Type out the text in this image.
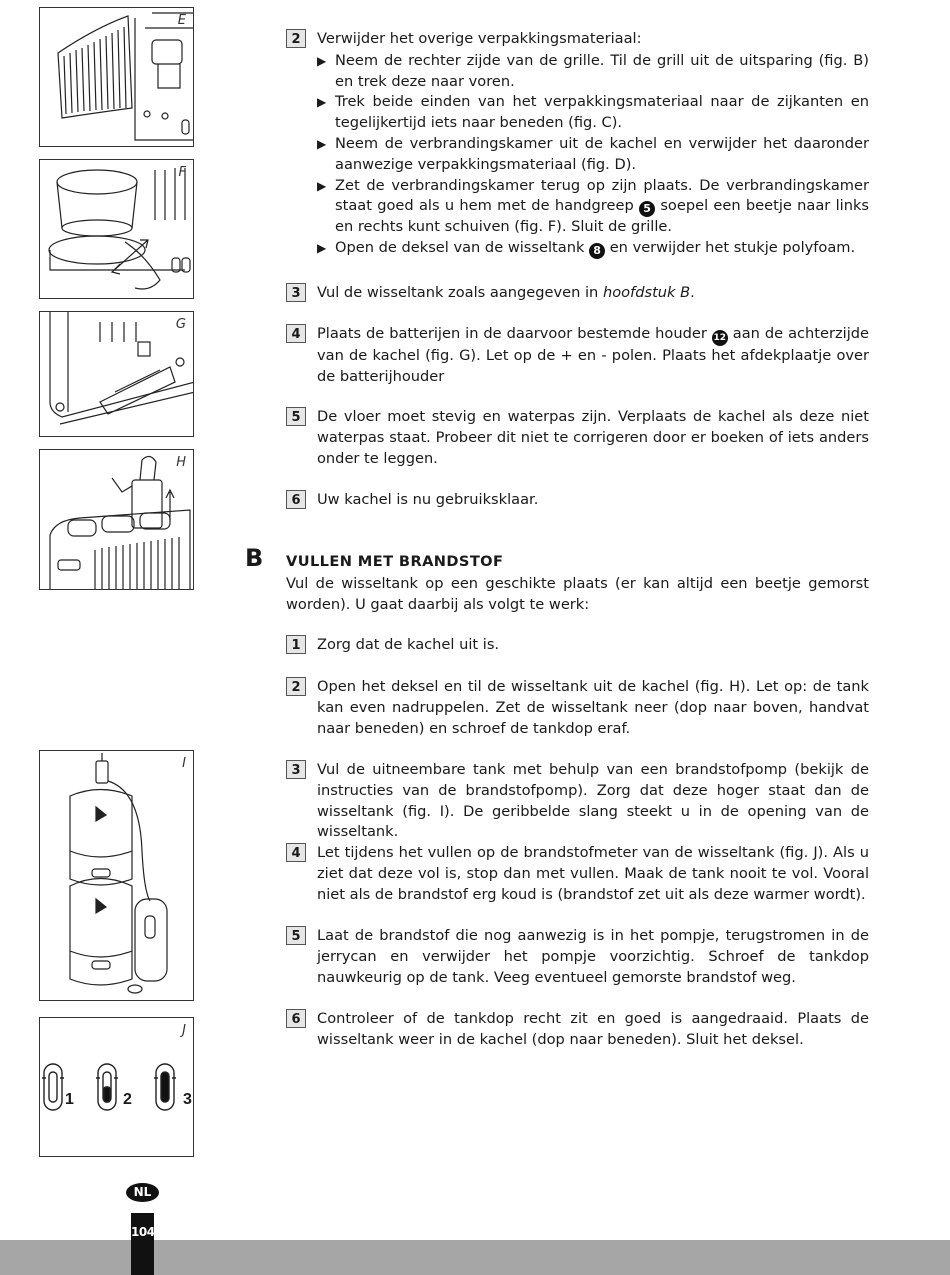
E
F
G
H
I
J
1	2	3
2	Verwijder het overige verpakkingsmateriaal:
▶ Neem de rechter zijde van de grille. Til de grill uit de uitsparing (fig. B) en trek deze naar voren.
▶ Trek beide einden van het verpakkingsmateriaal naar de zijkanten en tegelijkertijd iets naar beneden (fig. C).
▶ Neem de verbrandingskamer uit de kachel en verwijder het daaronder aanwezige verpakkingsmateriaal (fig. D).
▶ Zet de verbrandingskamer terug op zijn plaats. De verbrandingskamer staat goed als u hem met de handgreep 5 soepel een beetje naar links en rechts kunt schuiven (fig. F). Sluit de grille.
▶ Open de deksel van de wisseltank 8 en verwijder het stukje polyfoam.
3	Vul de wisseltank zoals aangegeven in hoofdstuk B.
4	Plaats de batterijen in de daarvoor bestemde houder 12 aan de achterzijde van de kachel (fig. G). Let op de + en - polen. Plaats het afdekplaatje over de batterijhouder
5	De vloer moet stevig en waterpas zijn. Verplaats de kachel als deze niet waterpas staat. Probeer dit niet te corrigeren door er boeken of iets anders onder te leggen.
6	Uw kachel is nu gebruiksklaar.
B VULLEN MET BRANDSTOF
Vul de wisseltank op een geschikte plaats (er kan altijd een beetje gemorst worden). U gaat daarbij als volgt te werk:
1	Zorg dat de kachel uit is.
2	Open het deksel en til de wisseltank uit de kachel (fig. H). Let op: de tank kan even nadruppelen. Zet de wisseltank neer (dop naar boven, handvat naar beneden) en schroef de tankdop eraf.
3	Vul de uitneembare tank met behulp van een brandstofpomp (bekijk de instructies van de brandstofpomp). Zorg dat deze hoger staat dan de wisseltank (fig. I). De geribbelde slang steekt u in de opening van de wisseltank.
4	Let tijdens het vullen op de brandstofmeter van de wisseltank (fig. J). Als u ziet dat deze vol is, stop dan met vullen. Maak de tank nooit te vol. Vooral niet als de brandstof erg koud is (brandstof zet uit als deze warmer wordt).
5	Laat de brandstof die nog aanwezig is in het pompje, terugstromen in de jerrycan en verwijder het pompje voorzichtig. Schroef de tankdop nauwkeurig op de tank. Veeg eventueel gemorste brandstof weg.
6	Controleer of de tankdop recht zit en goed is aangedraaid. Plaats de wisseltank weer in de kachel (dop naar beneden). Sluit het deksel.
NL
104
